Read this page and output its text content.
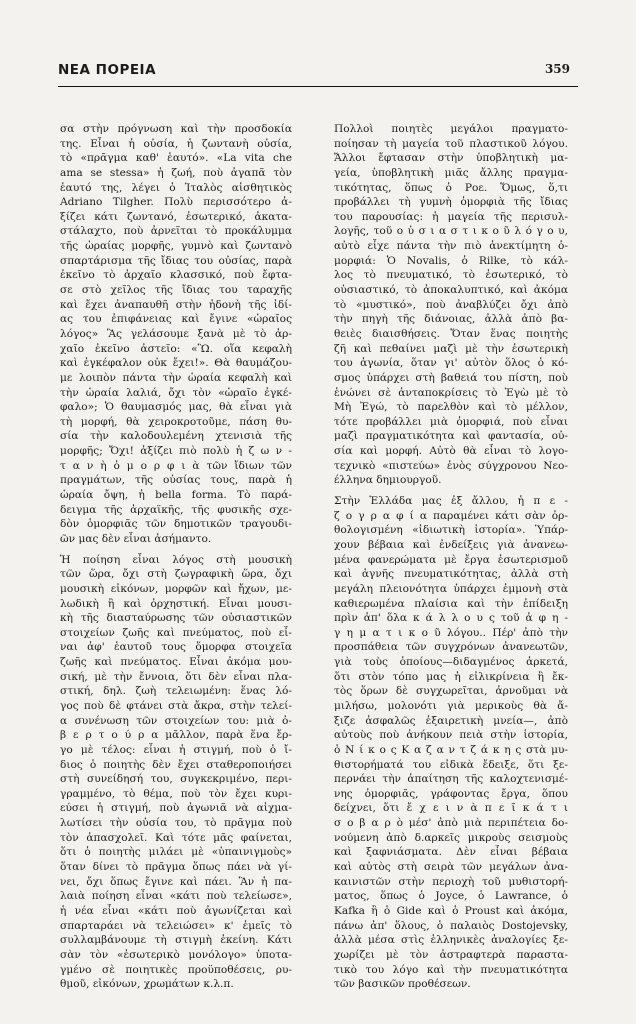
ΝΕΑ ΠΟΡΕΙΑ	359
σα στὴν πρόγνωση καὶ τὴν προσδοκία
της. Εἶναι ἡ οὐσία, ἡ ζωντανὴ οὐσία,
τὸ «πρᾶγμα καθ' ἑαυτό». «La vita che
ama se stessa» ἡ ζωή, ποὺ ἀγαπᾶ τὸν
ἑαυτό της, λέγει ὁ Ἰταλὸς αἰσθητικὸς
Adriano Tilgher. Πολὺ περισσότερο ἀ-
ξίζει κάτι ζωντανό, ἐσωτερικό, ἀκατα-
στάλαχτο, ποὺ ἀρνεῖται τὸ προκάλυμμα
τῆς ὡραίας μορφῆς, γυμνὸ καὶ ζωντανὸ
σπαρτάρισμα τῆς ἴδιας του οὐσίας, παρὰ
ἐκεῖνο τὸ ἀρχαῖο κλασσικό, ποὺ ἔφτα-
σε στὸ χεῖλος τῆς ἴδιας του ταραχῆς
καὶ ἔχει ἀναπαυθῆ στὴν ἡδονὴ τῆς ἰδί-
ας του ἐπιφάνειας καὶ ἔγινε «ὡραῖος
λόγος» Ἂς γελάσουμε ξανὰ μὲ τὸ ἀρ-
χαῖο ἐκεῖνο ἀστεῖο: «Ὢ. οἵα κεφαλὴ
καὶ ἐγκέφαλον οὐκ ἔχει!». Θὰ θαυμάζου-
με λοιπὸν πάντα τὴν ὡραία κεφαλὴ καὶ
τὴν ὡραία λαλιά, ὄχι τὸν «ὡραῖο ἐγκέ-
φαλο»; Ὁ θαυμασμός μας, θὰ εἶναι γιὰ
τὴ μορφή, θὰ χειροκροτοῦμε, πάση θυ-
σία τὴν καλοδουλεμένη χτενισιὰ τῆς
μορφῆς; Ὄχι! ἀξίζει πιὸ πολὺ ἡ ζ ω ν -
τ α ν ὴ ὁ μ ο ρ φ ι ὰ τῶν ἴδιων τῶν
πραγμάτων, τῆς οὐσίας τους, παρὰ ἡ
ὡραία ὄψη, ἡ bella forma. Τὸ παρά-
δειγμα τῆς ἀρχαϊκῆς, τῆς φυσικῆς σχε-
δὸν ὁμορφιᾶς τῶν δημοτικῶν τραγουδι-
ῶν μας δὲν εἶναι ἀσήμαντο.
Ἡ ποίηση εἶναι λόγος στὴ μουσικὴ
τῶν ὥρα, ὄχι στὴ ζωγραφικὴ ὥρα, ὄχι
μουσικὴ εἰκόνων, μορφῶν καὶ ἤχων, με-
λωδικὴ ἢ καὶ ὀρχηστική. Εἶναι μουσι-
κὴ τῆς διασταύρωσης τῶν οὐσιαστικῶν
στοιχείων ζωῆς καὶ πνεύματος, ποὺ εἶ-
ναι ἀφ' ἑαυτοῦ τους ὅμορφα στοιχεῖα
ζωῆς καὶ πνεύματος. Εἶναι ἀκόμα μου-
σική, μὲ τὴν ἔννοια, ὅτι δὲν εἶναι πλα-
στική, δηλ. ζωὴ τελειωμένη: ἕνας λό-
γος ποὺ δὲ φτάνει στὰ ἄκρα, στὴν τελεί-
α συνένωση τῶν στοιχείων του: μιὰ ὀ-
β ε ρ τ ο ύ ρ α μᾶλλον, παρὰ ἕνα ἔρ-
γο μὲ τέλος: εἶναι ἡ στιγμή, ποὺ ὁ ἴ-
διος ὁ ποιητὴς δὲν ἔχει σταθεροποιήσει
στὴ συνείδησή του, συγκεκριμένο, περι-
γραμμένο, τὸ θέμα, ποὺ τὸν ἔχει κυρι-
εύσει ἡ στιγμή, ποὺ ἀγωνιᾶ νὰ αἰχμα-
λωτίσει τὴν οὐσία του, τὸ πρᾶγμα ποὺ
τὸν ἀπασχολεῖ. Καὶ τότε μᾶς φαίνεται,
ὅτι ὁ ποιητὴς μιλάει μὲ «ὑπαινιγμοὺς»
ὅταν δίνει τὸ πρᾶγμα ὅπως πάει νὰ γί-
νει, ὄχι ὅπως ἔγινε καὶ πάει. Ἂν ἡ πα-
λαιὰ ποίηση εἶναι «κάτι ποὺ τελείωσε»,
ἡ νέα εἶναι «κάτι ποὺ ἀγωνίζεται καὶ
σπαρταράει νὰ τελειώσει» κ' ἐμεῖς τὸ
συλλαμβάνουμε τὴ στιγμὴ ἐκείνη. Κάτι
σὰν τὸν «ἐσωτερικὸ μονόλογο» ὑποτα-
γμένο σὲ ποιητικὲς προϋποθέσεις, ρυ-
θμοῦ, εἰκόνων, χρωμάτων κ.λ.π.
Πολλοὶ ποιητὲς μεγάλοι πραγματο-
ποίησαν τὴ μαγεία τοῦ πλαστικοῦ λόγου.
Ἄλλοι ἔφτασαν στὴν ὑποβλητικὴ μα-
γεία, ὑποβλητικὴ μιᾶς ἄλλης πραγμα-
τικότητας, ὅπως ὁ Ροε. Ὅμως, ὅ,τι
προβάλλει τὴ γυμνὴ ὀμορφιὰ τῆς ἴδιας
του παρουσίας: ἡ μαγεία τῆς περισυλ-
λογῆς, τοῦ ο ὐ σ ι α σ τ ι κ ο ῦ λ ό γ ο υ,
αὐτὸ εἶχε πάντα τὴν πιὸ ἀνεκτίμητη ὀ-
μορφιά: Ὁ Novalis, ὁ Rilke, τὸ κάλ-
λος τὸ πνευματικό, τὸ ἐσωτερικό, τὸ
οὐσιαστικό, τὸ ἀποκαλυπτικό, καὶ ἀκόμα
τὸ «μυστικό», ποὺ ἀναβλύζει ὄχι ἀπὸ
τὴν πηγὴ τῆς διάνοιας, ἀλλὰ ἀπὸ βα-
θειὲς διαισθήσεις. Ὅταν ἕνας ποιητὴς
ζῆ καὶ πεθαίνει μαζὶ μὲ τὴν ἐσωτερικὴ
του ἀγωνία, ὅταν γι' αὐτὸν ὅλος ὁ κό-
σμος ὑπάρχει στὴ βαθειά του πίστη, ποὺ
ἑνώνει σὲ ἀνταποκρίσεις τὸ Ἐγὼ μὲ τὸ
Μὴ Ἐγώ, τὸ παρελθὸν καὶ τὸ μέλλον,
τότε προβάλλει μιὰ ὀμορφιά, ποὺ εἶναι
μαζὶ πραγματικότητα καὶ φαντασία, οὐ-
σία καὶ μορφή. Αὐτὸ θὰ εἶναι τὸ λογο-
τεχνικὸ «πιστεύω» ἑνὸς σύγχρονου Νεο-
έλληνα δημιουργοῦ.
Στὴν Ἑλλάδα μας ἐξ ἄλλου, ἡ π ε -
ζ ο γ ρ α φ ί α παραμένει κάτι σὰν ὀρ-
θολογισμένη «ἰδιωτικὴ ἱστορία». Ὑπάρ-
χουν βέβαια καὶ ἐνδείξεις γιὰ ἀνανεω-
μένα φανερώματα μὲ ἔργα ἐσωτερισμοῦ
καὶ ἁγνῆς πνευματικότητας, ἀλλὰ στὴ
μεγάλη πλειονότητα ὑπάρχει ἐμμονὴ στὰ
καθιερωμένα πλαίσια καὶ τὴν ἐπίδειξη
πρὶν ἀπ' ὅλα κ ά λ λ ο υ ς τοῦ ἀ φ η -
γ η μ α τ ι κ ο ῦ λόγου.. Πέρ' ἀπὸ τὴν
προσπάθεια τῶν συγχρόνων ἀνανεωτῶν,
γιὰ τοὺς ὁποίους—διδαγμένος ἀρκετά,
ὅτι στὸν τόπο μας ἡ εἰλικρίνεια ἢ ἔκ-
τὸς ὅρων δὲ συγχωρεῖται, ἀρνοῦμαι νὰ
μιλήσω, μολονότι γιὰ μερικοὺς θὰ ἄ-
ξιζε ἀσφαλῶς ἐξαιρετικὴ μνεία—, ἀπὸ
αὐτοὺς ποὺ ἀνήκουν πειὰ στὴν ἱστορία,
ὁ Ν ί κ ο ς Κ α ζ α ν τ ζ ά κ η ς στὰ μυ-
θιστορήματά του εἰδικὰ ἔδειξε, ὅτι ξε-
περνάει τὴν ἀπαίτηση τῆς καλοχτενισμέ-
νης ὀμορφιᾶς, γράφοντας ἔργα, ὅπου
δείχνει, ὅτι ἔ χ ε ι ν ὰ π ε ῖ κ ά τ ι
σ ο β α ρ ὸ μέσ' ἀπὸ μιὰ περιπέτεια δο-
νούμενη ἀπὸ δ.αρκεῖς μικροὺς σεισμοὺς
καὶ ξαφνιάσματα. Δὲν εἶναι βέβαια
καὶ αὐτὸς στὴ σειρὰ τῶν μεγάλων ἀνα-
καινιστῶν στὴν περιοχὴ τοῦ μυθιστορή-
ματος, ὅπως ὁ Joyce, ὁ Lawrance, ὁ
Kafka ἢ ὁ Gide καὶ ὁ Proust καὶ ἀκόμα,
πάνω ἀπ' ὅλους, ὁ παλαιὸς Dostojevsky,
ἀλλὰ μέσα στὶς ἑλληνικὲς ἀναλογίες ξε-
χωρίζει μὲ τὸν ἀστραφτερὰ παραστα-
τικὸ του λόγο καὶ τὴν πνευματικότητα
τῶν βασικῶν προθέσεων.
